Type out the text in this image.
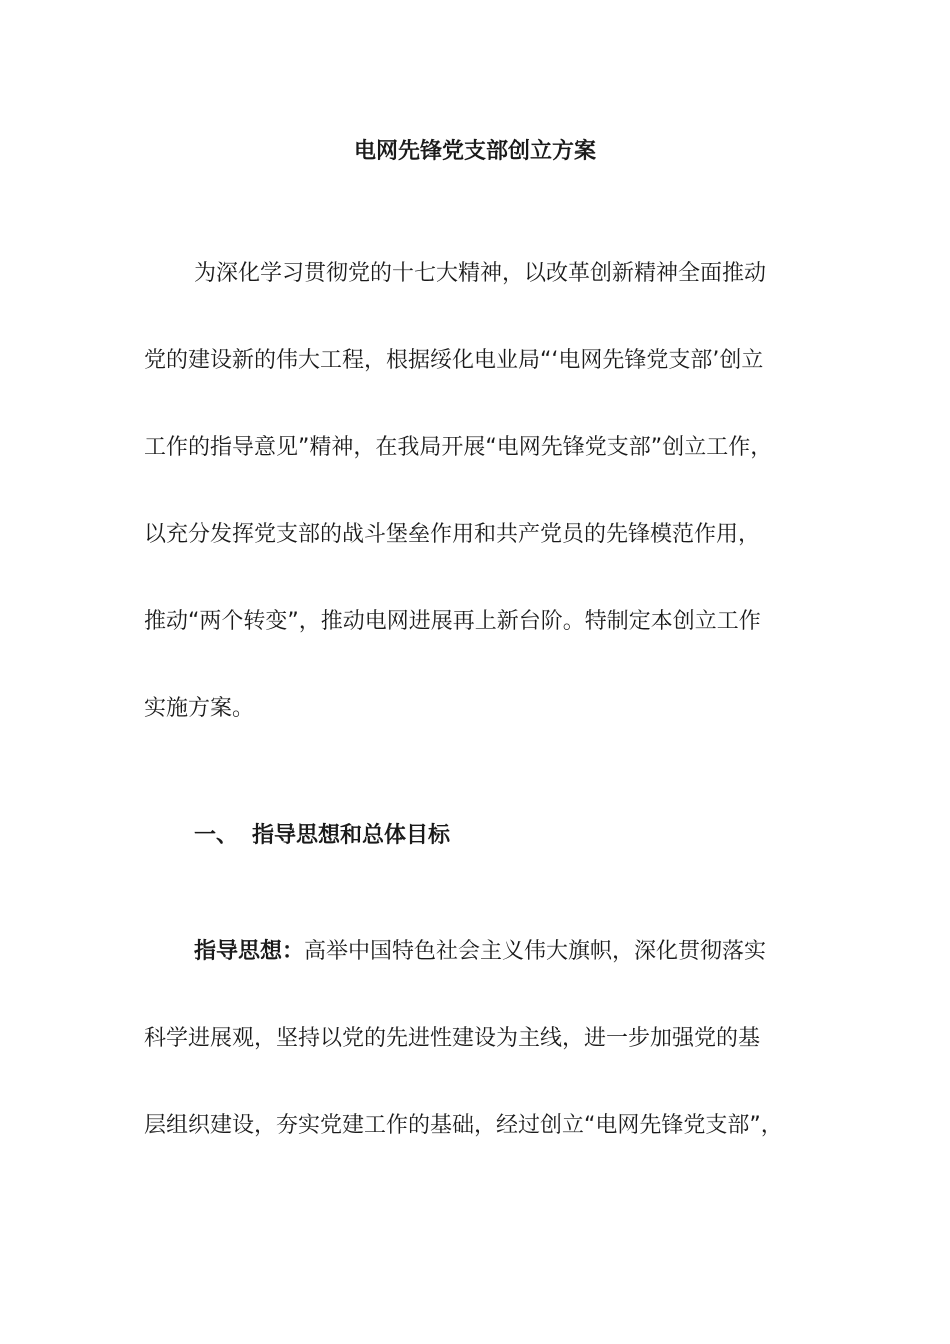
电网先锋党支部创立方案
为深化学习贯彻党的十七大精神，以改革创新精神全面推动
党的建设新的伟大工程，根据绥化电业局“‘电网先锋党支部’创立
工作的指导意见”精神，在我局开展“电网先锋党支部”创立工作，
以充分发挥党支部的战斗堡垒作用和共产党员的先锋模范作用，
推动“两个转变”，推动电网进展再上新台阶。特制定本创立工作
实施方案。
一、 指导思想和总体目标
指导思想：高举中国特色社会主义伟大旗帜，深化贯彻落实
科学进展观，坚持以党的先进性建设为主线，进一步加强党的基
层组织建设，夯实党建工作的基础，经过创立“电网先锋党支部”，
